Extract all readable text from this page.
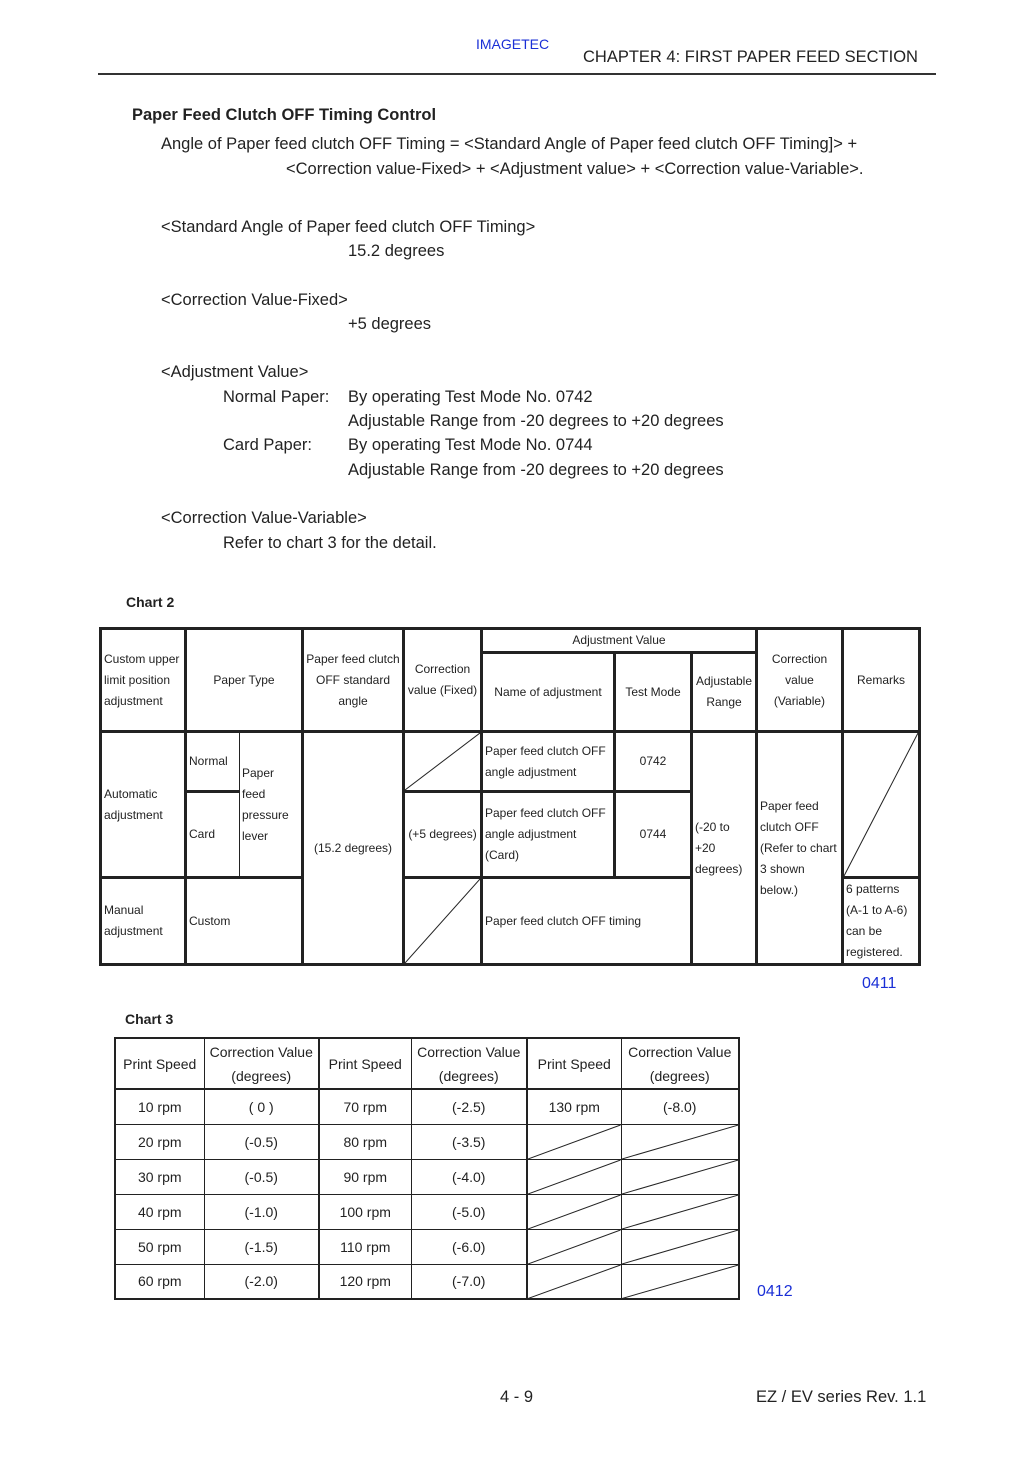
IMAGETEC
CHAPTER 4: FIRST PAPER FEED SECTION
Paper Feed Clutch OFF Timing Control
Angle of Paper feed clutch OFF Timing = <Standard Angle of Paper feed clutch OFF Timing]> +
<Correction value-Fixed> + <Adjustment value> + <Correction value-Variable>.
<Standard Angle of Paper feed clutch OFF Timing>
15.2 degrees
<Correction Value-Fixed>
+5 degrees
<Adjustment Value>
Normal Paper: By operating Test Mode No. 0742
Adjustable Range from -20 degrees to +20 degrees
Card Paper: By operating Test Mode No. 0744
Adjustable Range from -20 degrees to +20 degrees
<Correction Value-Variable>
Refer to chart 3 for the detail.
Chart 2
Custom upper limit position adjustment	Paper Type		Paper feed clutch OFF standard angle	Correction value (Fixed)	Adjustment Value			Correction value (Variable)	Remarks
					Name of adjustment	Test Mode	Adjustable Range		
Automatic adjustment	Normal	Paper feed pressure lever	(15.2 degrees)		Paper feed clutch OFF angle adjustment	0742	(-20 to +20 degrees)	Paper feed clutch OFF (Refer to chart 3 shown below.)	

	Card			(+5 degrees)	Paper feed clutch OFF angle adjustment (Card)	0744			
Manual adjustment	Custom				Paper feed clutch OFF timing				6 patterns (A-1 to A-6) can be registered.
0411
Chart 3
Print Speed	Correction Value (degrees)	Print Speed	Correction Value (degrees)	Print Speed	Correction Value (degrees)
10 rpm	( 0 )	70 rpm	(-2.5)	130 rpm	(-8.0)
20 rpm	(-0.5)	80 rpm	(-3.5)	

30 rpm	(-0.5)	90 rpm	(-4.0)	

40 rpm	(-1.0)	100 rpm	(-5.0)	

50 rpm	(-1.5)	110 rpm	(-6.0)	

60 rpm	(-2.0)	120 rpm	(-7.0)	

0412
4 - 9	EZ / EV series Rev. 1.1
